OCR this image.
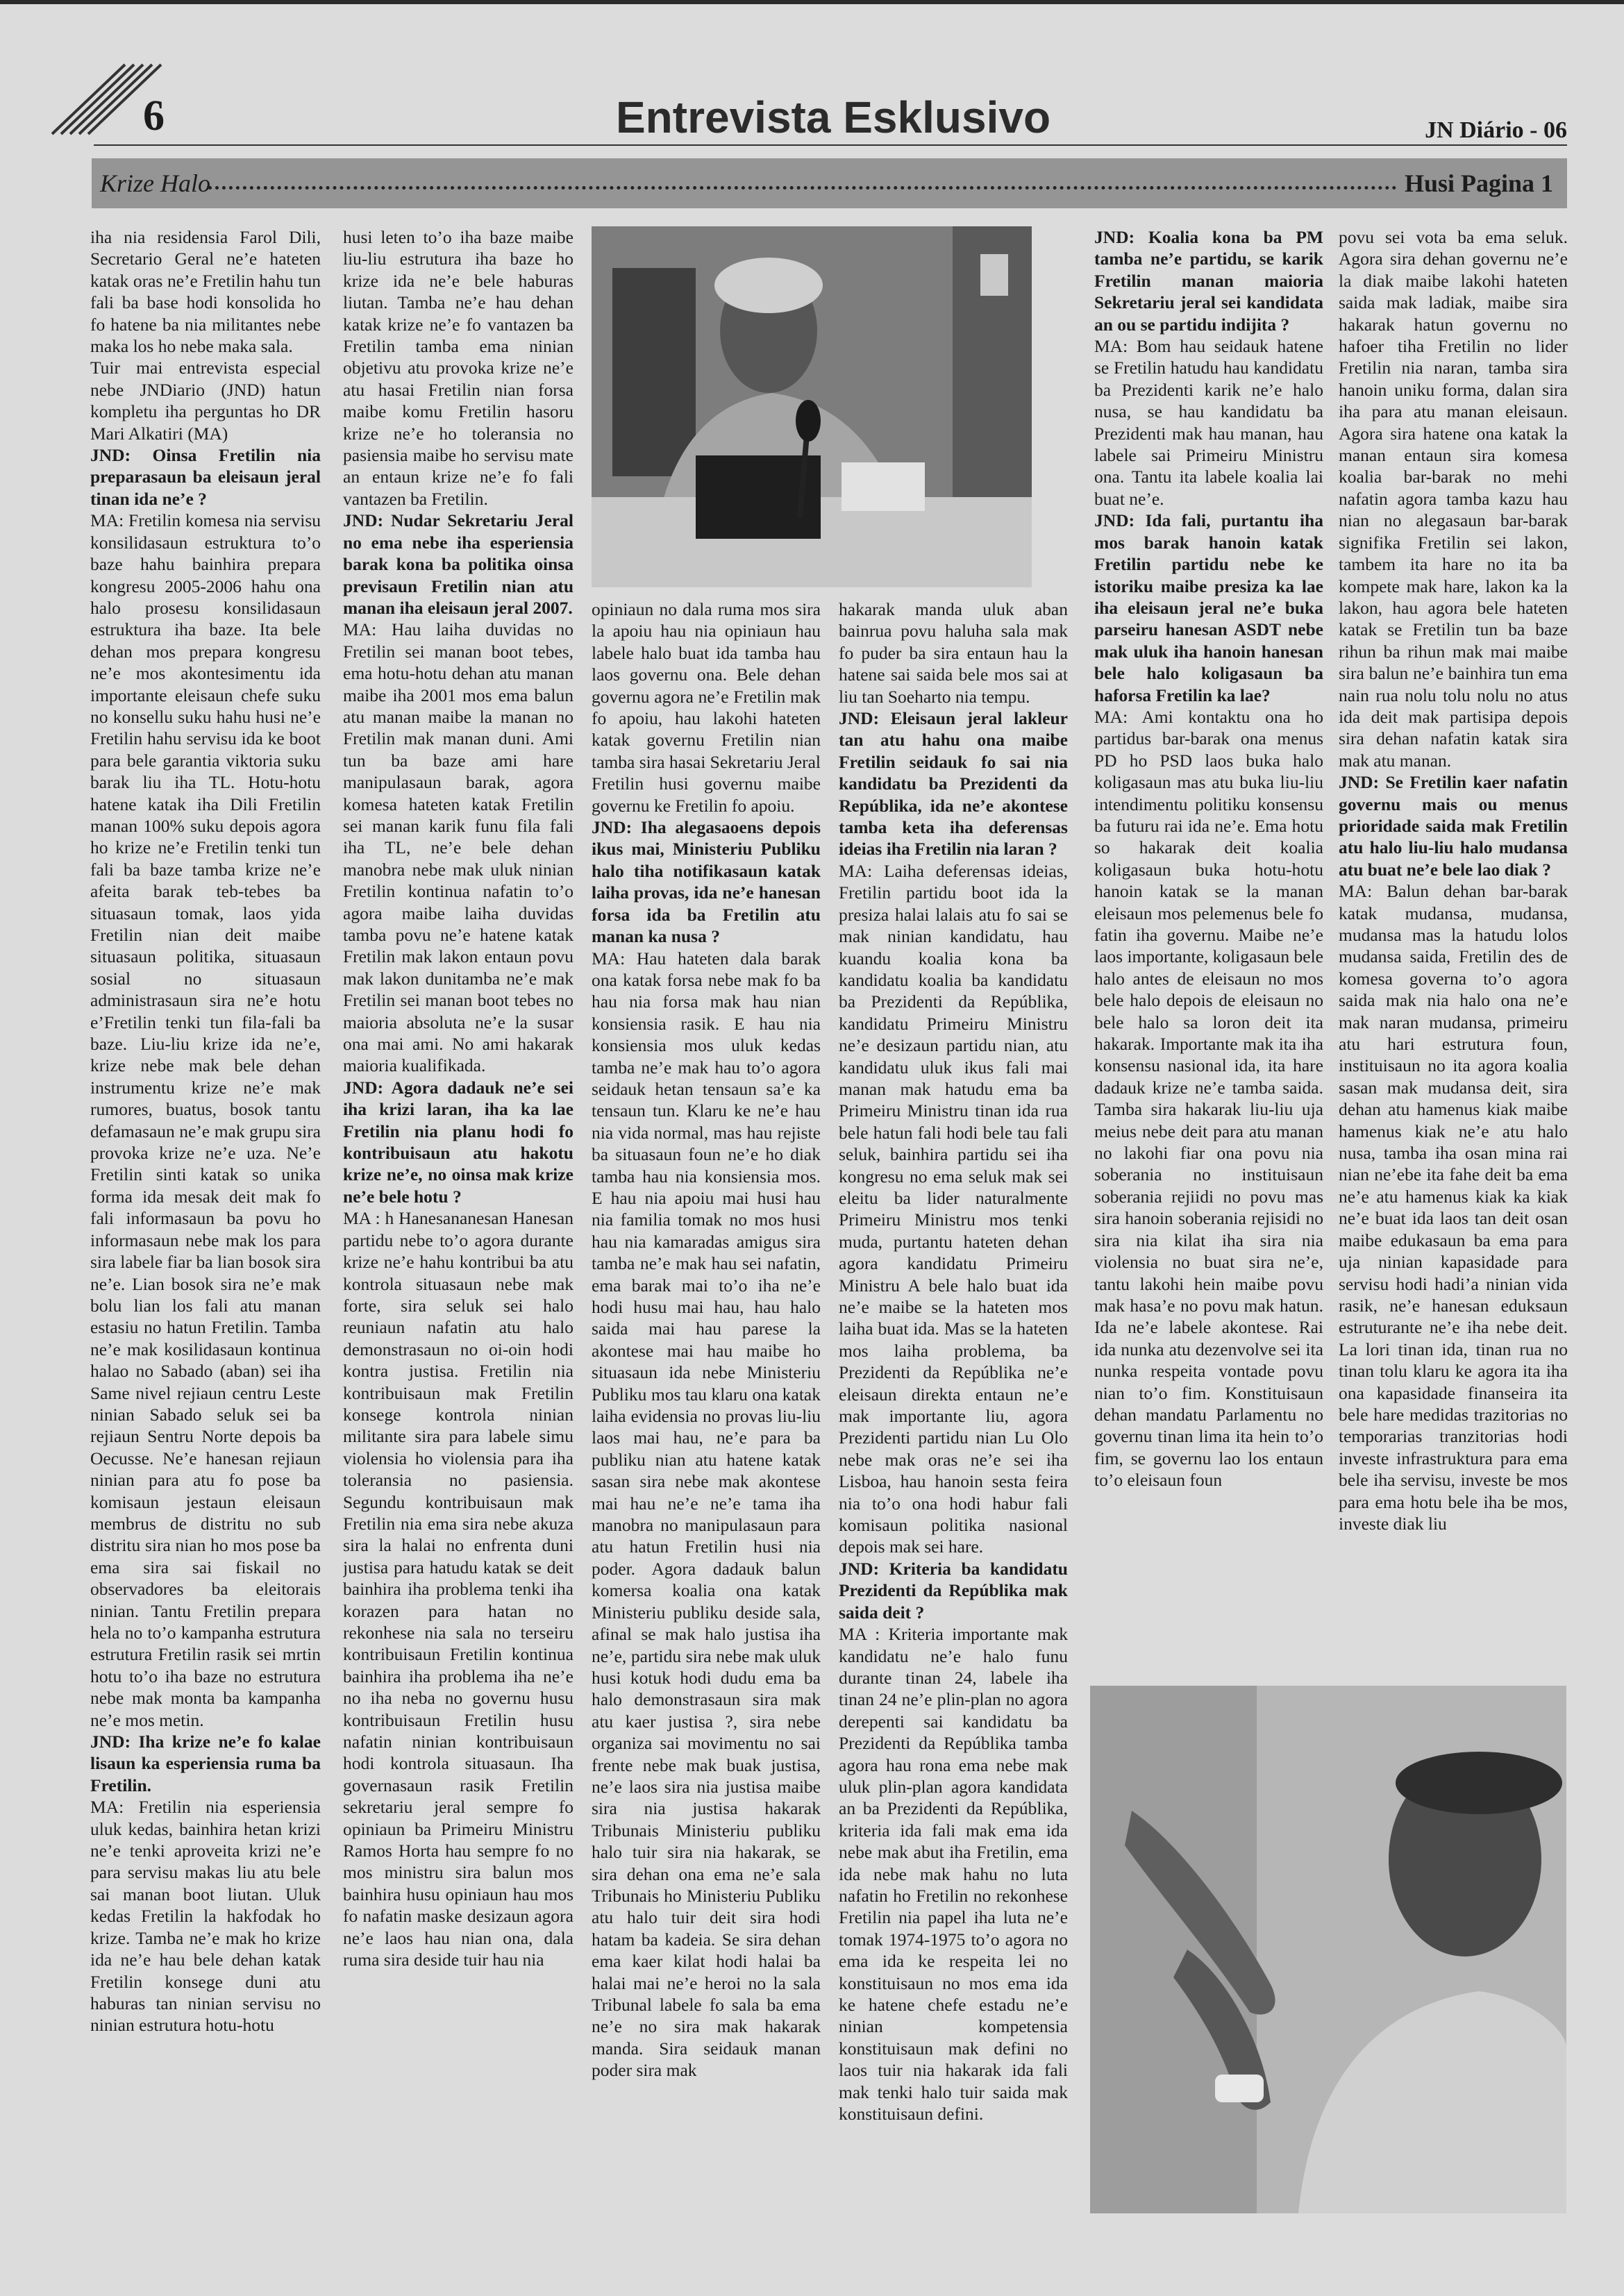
6	Entrevista Esklusivo	JN Diário - 06
Krize Halo	Husi Pagina 1

iha nia residensia Farol Dili, Secretario Geral ne’e hateten katak oras ne’e Fretilin hahu tun fali ba base hodi konsolida ho fo hatene ba nia militantes nebe maka los ho nebe maka sala.

Tuir mai entrevista especial nebe JNDiario (JND) hatun kompletu iha perguntas ho DR Mari Alkatiri (MA)

JND: Oinsa Fretilin nia preparasaun ba eleisaun jeral tinan ida ne’e ?

MA: Fretilin komesa nia servisu konsilidasaun estruktura to’o baze hahu bainhira prepara kongresu 2005-2006 hahu ona halo prosesu konsilidasaun estruktura iha baze. Ita bele dehan mos prepara kongresu ne’e mos akontesimentu ida importante eleisaun chefe suku no konsellu suku hahu husi ne’e Fretilin hahu servisu ida ke boot para bele garantia viktoria suku barak liu iha TL. Hotu-hotu hatene katak iha Dili Fretilin manan 100% suku depois agora ho krize ne’e Fretilin tenki tun fali ba baze tamba krize ne’e afeita barak teb-tebes ba situasaun tomak, laos yida Fretilin nian deit maibe situasaun politika, situasaun sosial no situasaun administrasaun sira ne’e hotu e’Fretilin tenki tun fila-fali ba baze. Liu-liu krize ida ne’e, krize nebe mak bele dehan instrumentu krize ne’e mak rumores, buatus, bosok tantu defamasaun ne’e mak grupu sira provoka krize ne’e uza. Ne’e Fretilin sinti katak so unika forma ida mesak deit mak fo fali informasaun ba povu ho informasaun nebe mak los para sira labele fiar ba lian bosok sira ne’e. Lian bosok sira ne’e mak bolu lian los fali atu manan estasiu no hatun Fretilin. Tamba ne’e mak kosilidasaun kontinua halao no Sabado (aban) sei iha Same nivel rejiaun centru Leste ninian Sabado seluk sei ba rejiaun Sentru Norte depois ba Oecusse. Ne’e hanesan rejiaun ninian para atu fo pose ba komisaun jestaun eleisaun membrus de distritu no sub distritu sira nian ho mos pose ba ema sira sai fiskail no observadores ba eleitorais ninian. Tantu Fretilin prepara hela no to’o kampanha estrutura estrutura Fretilin rasik sei mrtin hotu to’o iha baze no estrutura nebe mak monta ba kampanha ne’e mos metin.

JND: Iha krize ne’e fo kalae lisaun ka esperiensia ruma ba Fretilin.

MA: Fretilin nia esperiensia uluk kedas, bainhira hetan krizi ne’e tenki aproveita krizi ne’e para servisu makas liu atu bele sai manan boot liutan. Uluk kedas Fretilin la hakfodak ho krize. Tamba ne’e mak ho krize ida ne’e hau bele dehan katak Fretilin konsege duni atu haburas tan ninian servisu no ninian estrutura hotu-hotu

husi leten to’o iha baze maibe liu-liu estrutura iha baze ho krize ida ne’e bele haburas liutan. Tamba ne’e hau dehan katak krize ne’e fo vantazen ba Fretilin tamba ema ninian objetivu atu provoka krize ne’e atu hasai Fretilin nian forsa maibe komu Fretilin hasoru krize ne’e ho toleransia no pasiensia maibe ho servisu mate an entaun krize ne’e fo fali vantazen ba Fretilin.

JND: Nudar Sekretariu Jeral no ema nebe iha esperiensia barak kona ba politika oinsa previsaun Fretilin nian atu manan iha eleisaun jeral 2007.

MA: Hau laiha duvidas no Fretilin sei manan boot tebes, ema hotu-hotu dehan atu manan maibe iha 2001 mos ema balun atu manan maibe la manan no Fretilin mak manan duni. Ami tun ba baze ami hare manipulasaun barak, agora komesa hateten katak Fretilin sei manan karik funu fila fali iha TL, ne’e bele dehan manobra nebe mak uluk ninian Fretilin kontinua nafatin to’o agora maibe laiha duvidas tamba povu ne’e hatene katak Fretilin mak lakon entaun povu mak lakon dunitamba ne’e mak Fretilin sei manan boot tebes no maioria absoluta ne’e la susar ona mai ami. No ami hakarak maioria kualifikada.

JND: Agora dadauk ne’e sei iha krizi laran, iha ka lae Fretilin nia planu hodi fo kontribuisaun atu hakotu krize ne’e, no oinsa mak krize ne’e bele hotu ?

MA : h Hanesananesan Hanesan partidu nebe to’o agora durante krize ne’e hahu kontribui ba atu kontrola situasaun nebe mak forte, sira seluk sei halo reuniaun nafatin atu halo demonstrasaun no oi-oin hodi kontra justisa. Fretilin nia kontribuisaun mak Fretilin konsege kontrola ninian militante sira para labele simu violensia ho violensia para iha toleransia no pasiensia. Segundu kontribuisaun mak Fretilin nia ema sira nebe akuza sira la halai no enfrenta duni justisa para hatudu katak se deit bainhira iha problema tenki iha korazen para hatan no rekonhese nia sala no terseiru kontribuisaun Fretilin kontinua bainhira iha problema iha ne’e no iha neba no governu husu kontribuisaun Fretilin husu nafatin ninian kontribuisaun hodi kontrola situasaun. Iha governasaun rasik Fretilin sekretariu jeral sempre fo opiniaun ba Primeiru Ministru Ramos Horta hau sempre fo no mos ministru sira balun mos bainhira husu opiniaun hau mos fo nafatin maske desizaun agora ne’e laos hau nian ona, dala ruma sira deside tuir hau nia

opiniaun no dala ruma mos sira la apoiu hau nia opiniaun hau labele halo buat ida tamba hau laos governu ona. Bele dehan governu agora ne’e Fretilin mak fo apoiu, hau lakohi hateten katak governu Fretilin nian tamba sira hasai Sekretariu Jeral Fretilin husi governu maibe governu ke Fretilin fo apoiu.

JND: Iha alegasaoens depois ikus mai, Ministeriu Publiku halo tiha notifikasaun katak laiha provas, ida ne’e hanesan forsa ida ba Fretilin atu manan ka nusa ?

MA: Hau hateten dala barak ona katak forsa nebe mak fo ba hau nia forsa mak hau nian konsiensia rasik. E hau nia konsiensia mos uluk kedas tamba ne’e mak hau to’o agora seidauk hetan tensaun sa’e ka tensaun tun. Klaru ke ne’e hau nia vida normal, mas hau rejiste ba situasaun foun ne’e ho diak tamba hau nia konsiensia mos. E hau nia apoiu mai husi hau nia familia tomak no mos husi hau nia kamaradas amigus sira tamba ne’e mak hau sei nafatin, ema barak mai to’o iha ne’e hodi husu mai hau, hau halo saida mai hau parese la akontese mai hau maibe ho situasaun ida nebe Ministeriu Publiku mos tau klaru ona katak laiha evidensia no provas liu-liu laos mai hau, ne’e para ba publiku nian atu hatene katak sasan sira nebe mak akontese mai hau ne’e ne’e tama iha manobra no manipulasaun para atu hatun Fretilin husi nia poder. Agora dadauk balun komersa koalia ona katak Ministeriu publiku deside sala, afinal se mak halo justisa iha ne’e, partidu sira nebe mak uluk husi kotuk hodi dudu ema ba halo demonstrasaun sira mak atu kaer justisa ?, sira nebe organiza sai movimentu no sai frente nebe mak buak justisa, ne’e laos sira nia justisa maibe sira nia justisa hakarak Tribunais Ministeriu publiku halo tuir sira nia hakarak, se sira dehan ona ema ne’e sala Tribunais ho Ministeriu Publiku atu halo tuir deit sira hodi hatam ba kadeia. Se sira dehan ema kaer kilat hodi halai ba halai mai ne’e heroi no la sala Tribunal labele fo sala ba ema ne’e no sira mak hakarak manda. Sira seidauk manan poder sira mak

hakarak manda uluk aban bainrua povu haluha sala mak fo puder ba sira entaun hau la hatene sai saida bele mos sai at liu tan Soeharto nia tempu.

JND: Eleisaun jeral lakleur tan atu hahu ona maibe Fretilin seidauk fo sai nia kandidatu ba Prezidenti da Repúblika, ida ne’e akontese tamba keta iha deferensas ideias iha Fretilin nia laran ?

MA: Laiha deferensas ideias, Fretilin partidu boot ida la presiza halai lalais atu fo sai se mak ninian kandidatu, hau kuandu koalia kona ba kandidatu koalia ba kandidatu ba Prezidenti da Repúblika, kandidatu Primeiru Ministru ne’e desizaun partidu nian, atu kandidatu uluk ikus fali mai manan mak hatudu ema ba Primeiru Ministru tinan ida rua bele hatun fali hodi bele tau fali seluk, bainhira partidu sei iha kongresu no ema seluk mak sei eleitu ba lider naturalmente Primeiru Ministru mos tenki muda, purtantu hateten dehan agora kandidatu Primeiru Ministru A bele halo buat ida ne’e maibe se la hateten mos laiha buat ida. Mas se la hateten mos laiha problema, ba Prezidenti da Repúblika ne’e eleisaun direkta entaun ne’e mak importante liu, agora Prezidenti partidu nian Lu Olo nebe mak oras ne’e sei iha Lisboa, hau hanoin sesta feira nia to’o ona hodi habur fali komisaun politika nasional depois mak sei hare.

JND: Kriteria ba kandidatu Prezidenti da Repúblika mak saida deit ?

MA : Kriteria importante mak kandidatu ne’e halo funu durante tinan 24, labele iha tinan 24 ne’e plin-plan no agora derepenti sai kandidatu ba Prezidenti da Repúblika tamba agora hau rona ema nebe mak uluk plin-plan agora kandidata an ba Prezidenti da Repúblika, kriteria ida fali mak ema ida nebe mak abut iha Fretilin, ema ida nebe mak hahu no luta nafatin ho Fretilin no rekonhese Fretilin nia papel iha luta ne’e tomak 1974-1975 to’o agora no ema ida ke respeita lei no konstituisaun no mos ema ida ke hatene chefe estadu ne’e ninian kompetensia konstituisaun mak defini no laos tuir nia hakarak ida fali mak tenki halo tuir saida mak konstituisaun defini.

JND: Koalia kona ba PM tamba ne’e partidu, se karik Fretilin manan maioria Sekretariu jeral sei kandidata an ou se partidu indijita ?

MA: Bom hau seidauk hatene se Fretilin hatudu hau kandidatu ba Prezidenti karik ne’e halo nusa, se hau kandidatu ba Prezidenti mak hau manan, hau labele sai Primeiru Ministru ona. Tantu ita labele koalia lai buat ne’e.

JND: Ida fali, purtantu iha mos barak hanoin katak Fretilin partidu nebe ke istoriku maibe presiza ka lae iha eleisaun jeral ne’e buka parseiru hanesan ASDT nebe mak uluk iha hanoin hanesan bele halo koligasaun ba haforsa Fretilin ka lae?

MA: Ami kontaktu ona ho partidus bar-barak ona menus PD ho PSD laos buka halo koligasaun mas atu buka liu-liu intendimentu politiku konsensu ba futuru rai ida ne’e. Ema hotu so hakarak deit koalia koligasaun buka hotu-hotu hanoin katak se la manan eleisaun mos pelemenus bele fo fatin iha governu. Maibe ne’e laos importante, koligasaun bele halo antes de eleisaun no mos bele halo depois de eleisaun no bele halo sa loron deit ita hakarak. Importante mak ita iha konsensu nasional ida, ita hare dadauk krize ne’e tamba saida. Tamba sira hakarak liu-liu uja meius nebe deit para atu manan no lakohi fiar ona povu nia soberania no instituisaun soberania rejiidi no povu mas sira hanoin soberania rejisidi no sira nia kilat iha sira nia violensia no buat sira ne’e, tantu lakohi hein maibe povu mak hasa’e no povu mak hatun. Ida ne’e labele akontese. Rai ida nunka atu dezenvolve sei ita nunka respeita vontade povu nian to’o fim. Konstituisaun dehan mandatu Parlamentu no governu tinan lima ita hein to’o fim, se governu lao los entaun to’o eleisaun foun

povu sei vota ba ema seluk. Agora sira dehan governu ne’e la diak maibe lakohi hateten saida mak ladiak, maibe sira hakarak hatun governu no hafoer tiha Fretilin no lider Fretilin nia naran, tamba sira hanoin uniku forma, dalan sira iha para atu manan eleisaun. Agora sira hatene ona katak la manan entaun sira komesa koalia bar-barak no mehi nafatin agora tamba kazu hau nian no alegasaun bar-barak signifika Fretilin sei lakon, tambem ita hare no ita ba kompete mak hare, lakon ka la lakon, hau agora bele hateten katak se Fretilin tun ba baze rihun ba rihun mak mai maibe sira balun ne’e bainhira tun ema nain rua nolu tolu nolu no atus ida deit mak partisipa depois sira dehan nafatin katak sira mak atu manan.

JND: Se Fretilin kaer nafatin governu mais ou menus prioridade saida mak Fretilin atu halo liu-liu halo mudansa atu buat ne’e bele lao diak ?

MA: Balun dehan bar-barak katak mudansa, mudansa, mudansa mas la hatudu lolos mudansa saida, Fretilin des de komesa governa to’o agora saida mak nia halo ona ne’e mak naran mudansa, primeiru atu hari estrutura foun, instituisaun no ita agora koalia sasan mak mudansa deit, sira dehan atu hamenus kiak maibe hamenus kiak ne’e atu halo nusa, tamba iha osan mina rai nian ne’ebe ita fahe deit ba ema ne’e atu hamenus kiak ka kiak ne’e buat ida laos tan deit osan maibe edukasaun ba ema para uja ninian kapasidade para servisu hodi hadi’a ninian vida rasik, ne’e hanesan eduksaun estruturante ne’e iha nebe deit. La lori tinan ida, tinan rua no tinan tolu klaru ke agora ita iha ona kapasidade finanseira ita bele hare medidas trazitorias no temporarias tranzitorias hodi investe infrastruktura para ema bele iha servisu, investe be mos para ema hotu bele iha be mos, investe diak liu
